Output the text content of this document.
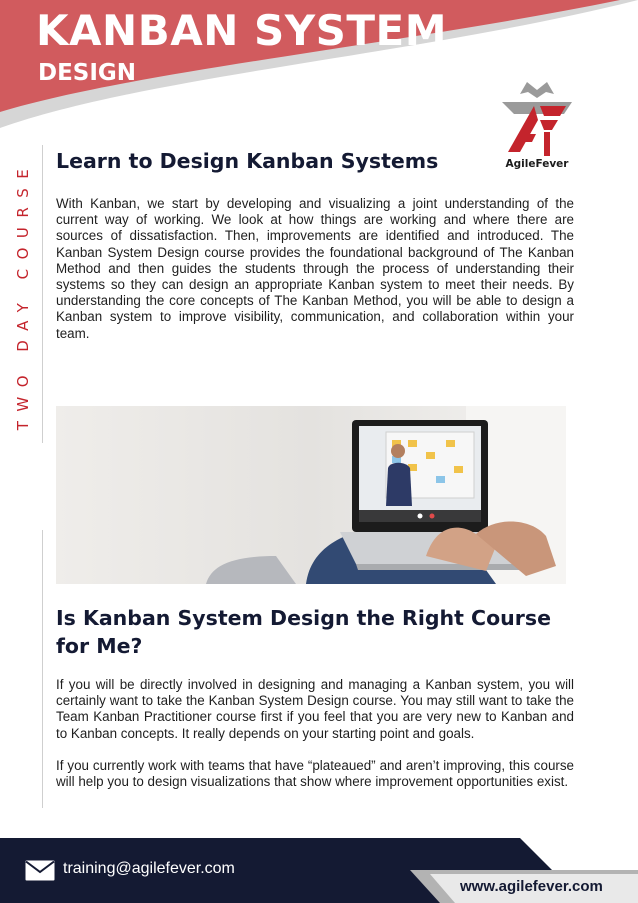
KANBAN SYSTEM
DESIGN
AgileFever
TWO DAY COURSE Learn to Design Kanban Systems

With Kanban, we start by developing and visualizing a joint understanding of the current way of working. We look at how things are working and where there are sources of dissatisfaction. Then, improvements are identified and introduced. The Kanban System Design course provides the foundational background of The Kanban Method and then guides the students through the process of understanding their systems so they can design an appropriate Kanban system to meet their needs. By understanding the core concepts of The Kanban Method, you will be able to design a Kanban system to improve visibility, communication, and collaboration within your team.

Is Kanban System Design the Right Course for Me?

If you will be directly involved in designing and managing a Kanban system, you will certainly want to take the Kanban System Design course. You may still want to take the Team Kanban Practitioner course first if you feel that you are very new to Kanban and to Kanban concepts. It really depends on your starting point and goals.

If you currently work with teams that have “plateaued” and aren’t improving, this course will help you to design visualizations that show where improvement opportunities exist.

training@agilefever.com
www.agilefever.com
